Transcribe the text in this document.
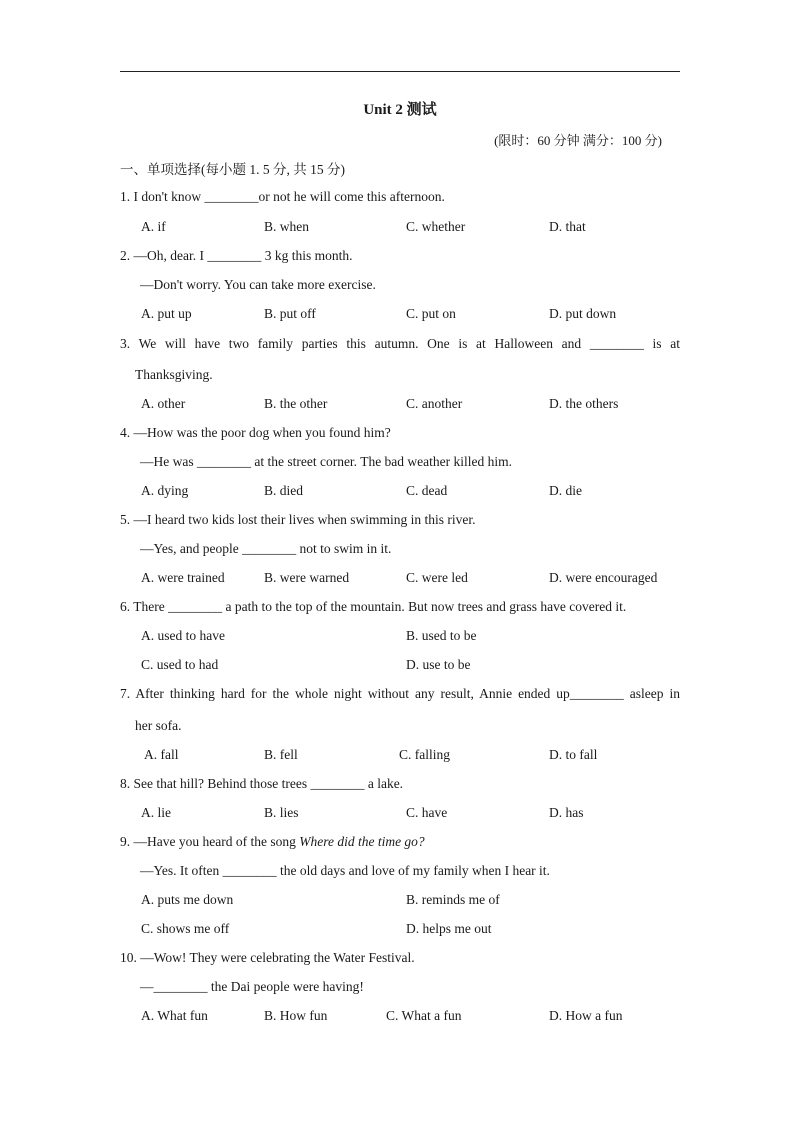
Unit 2 测试
(限时：60 分钟 满分：100 分)
一、单项选择(每小题 1. 5 分, 共 15 分)
1. I don't know ________or not he will come this afternoon.
A. if	B. when	C. whether	D. that
2. —Oh, dear. I ________ 3 kg this month.
—Don't worry. You can take more exercise.
A. put up	B. put off	C. put on	D. put down
3. We will have two family parties this autumn. One is at Halloween and ________ is at
Thanksgiving.
A. other	B. the other	C. another	D. the others
4. —How was the poor dog when you found him?
—He was ________ at the street corner. The bad weather killed him.
A. dying	B. died	C. dead	D. die
5. —I heard two kids lost their lives when swimming in this river.
—Yes, and people ________ not to swim in it.
A. were trained	B. were warned	C. were led	D. were encouraged
6. There ________ a path to the top of the mountain. But now trees and grass have covered it.
A. used to have	B. used to be
C. used to had	D. use to be
7. After thinking hard for the whole night without any result, Annie ended up________ asleep in
her sofa.
A. fall	B. fell	C. falling	D. to fall
8. See that hill? Behind those trees ________ a lake.
A. lie	B. lies	C. have	D. has
9. —Have you heard of the song Where did the time go?
—Yes. It often ________ the old days and love of my family when I hear it.
A. puts me down	B. reminds me of
C. shows me off	D. helps me out
10. —Wow! They were celebrating the Water Festival.
—________ the Dai people were having!
A. What fun	B. How fun	C. What a fun	D. How a fun
